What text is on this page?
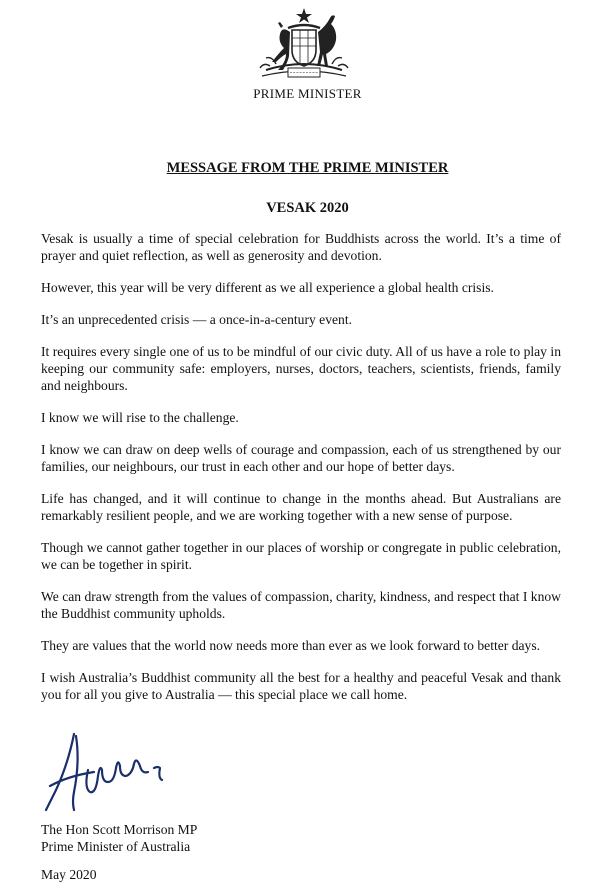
PRIME MINISTER
MESSAGE FROM THE PRIME MINISTER
VESAK 2020

Vesak is usually a time of special celebration for Buddhists across the world. It’s a time of prayer and quiet reflection, as well as generosity and devotion.

However, this year will be very different as we all experience a global health crisis.

It’s an unprecedented crisis — a once-in-a-century event.

It requires every single one of us to be mindful of our civic duty. All of us have a role to play in keeping our community safe: employers, nurses, doctors, teachers, scientists, friends, family and neighbours.

I know we will rise to the challenge.

I know we can draw on deep wells of courage and compassion, each of us strengthened by our families, our neighbours, our trust in each other and our hope of better days.

Life has changed, and it will continue to change in the months ahead. But Australians are remarkably resilient people, and we are working together with a new sense of purpose.

Though we cannot gather together in our places of worship or congregate in public celebration, we can be together in spirit.

We can draw strength from the values of compassion, charity, kindness, and respect that I know the Buddhist community upholds.

They are values that the world now needs more than ever as we look forward to better days.

I wish Australia’s Buddhist community all the best for a healthy and peaceful Vesak and thank you for all you give to Australia — this special place we call home.

The Hon Scott Morrison MP
Prime Minister of Australia
May 2020
